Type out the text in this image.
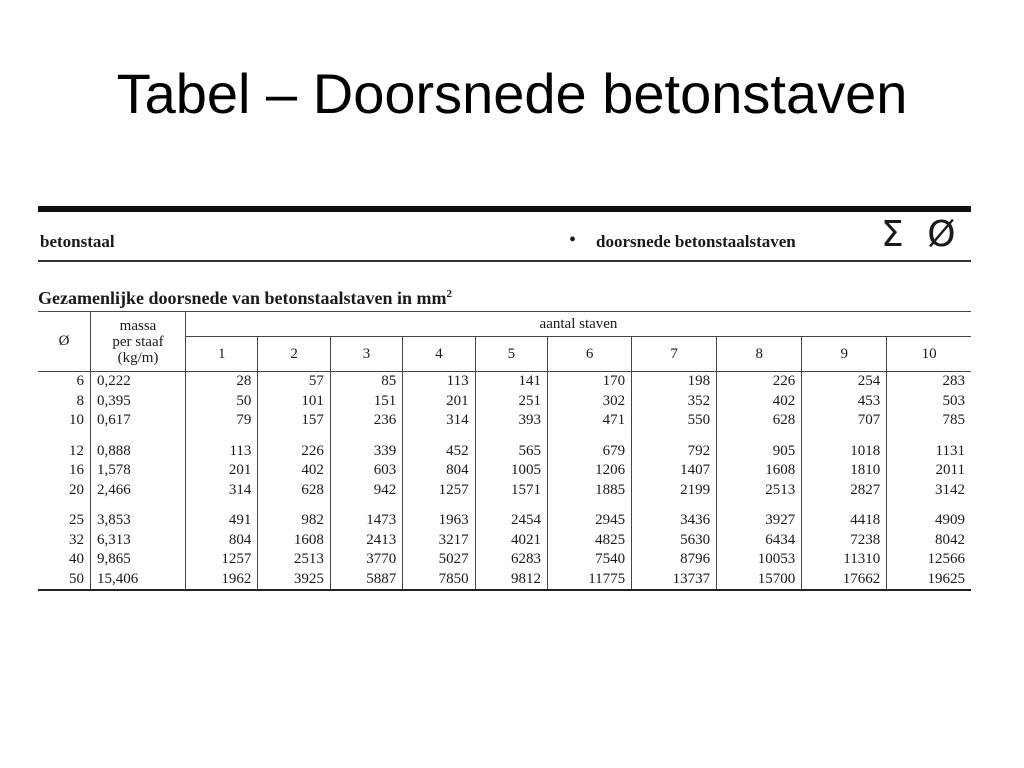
Tabel – Doorsnede betonstaven
betonstaal	• doorsnede betonstaalstaven Σ Ø
Gezamenlijke doorsnede van betonstaalstaven in $mm^2$
Ø	massa
per staaf
(kg/m)	aantal staven									
		1	2	3	4	5	6	7	8	9	10
6	0,222	28	57	85	113	141	170	198	226	254	283
8	0,395	50	101	151	201	251	302	352	402	453	503
10	0,617	79	157	236	314	393	471	550	628	707	785

12	0,888	113	226	339	452	565	679	792	905	1018	1131
16	1,578	201	402	603	804	1005	1206	1407	1608	1810	2011
20	2,466	314	628	942	1257	1571	1885	2199	2513	2827	3142

25	3,853	491	982	1473	1963	2454	2945	3436	3927	4418	4909
32	6,313	804	1608	2413	3217	4021	4825	5630	6434	7238	8042
40	9,865	1257	2513	3770	5027	6283	7540	8796	10053	11310	12566
50	15,406	1962	3925	5887	7850	9812	11775	13737	15700	17662	19625
